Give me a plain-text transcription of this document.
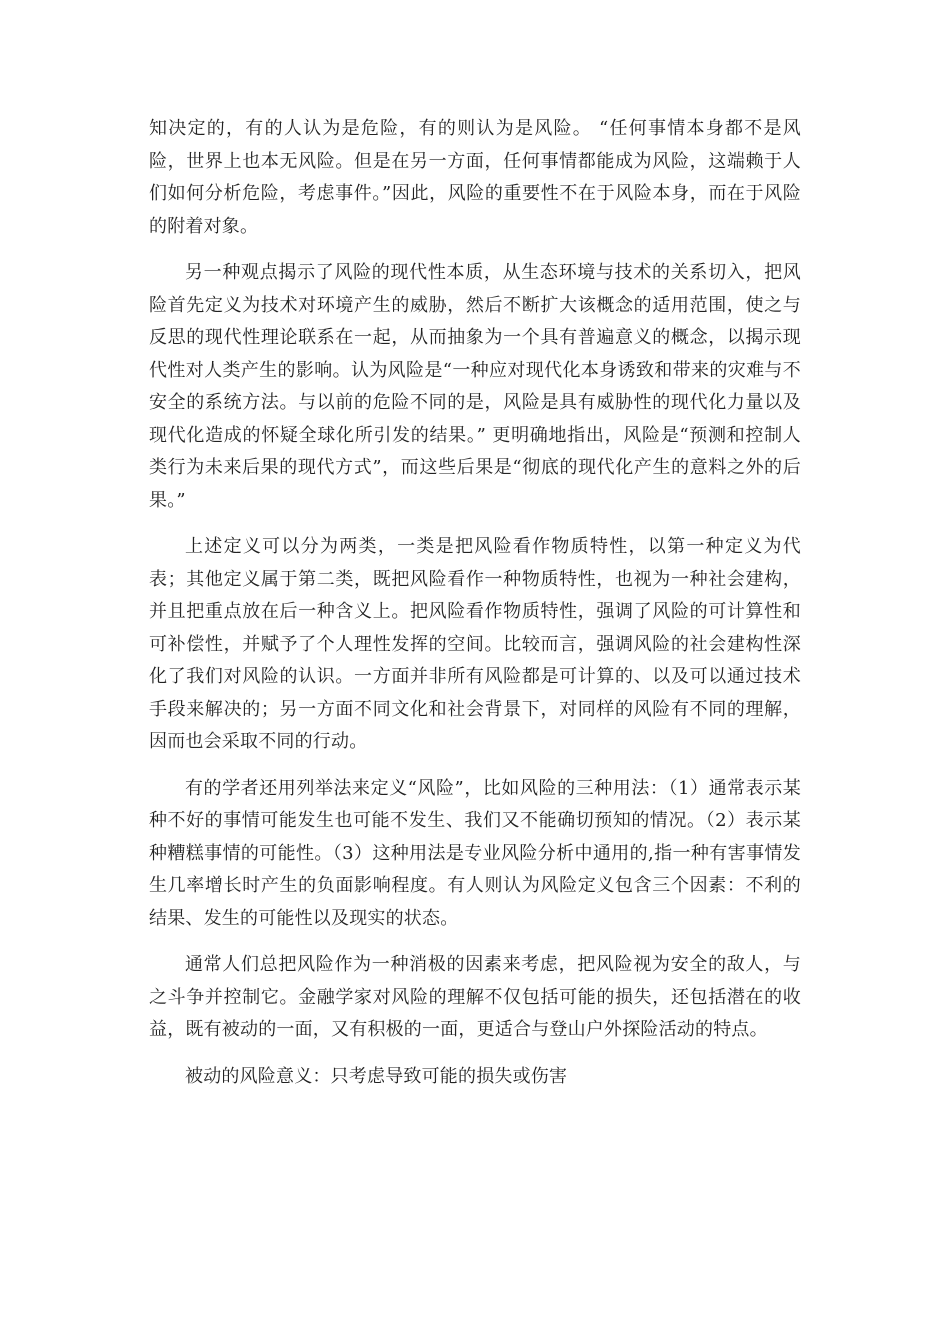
知决定的，有的人认为是危险，有的则认为是风险。 “任何事情本身都不是风险，世界上也本无风险。但是在另一方面，任何事情都能成为风险，这端赖于人们如何分析危险，考虑事件。”因此，风险的重要性不在于风险本身，而在于风险的附着对象。

另一种观点揭示了风险的现代性本质，从生态环境与技术的关系切入，把风险首先定义为技术对环境产生的威胁，然后不断扩大该概念的适用范围，使之与反思的现代性理论联系在一起，从而抽象为一个具有普遍意义的概念，以揭示现代性对人类产生的影响。认为风险是“一种应对现代化本身诱致和带来的灾难与不安全的系统方法。与以前的危险不同的是，风险是具有威胁性的现代化力量以及现代化造成的怀疑全球化所引发的结果。” 更明确地指出，风险是“预测和控制人类行为未来后果的现代方式”，而这些后果是“彻底的现代化产生的意料之外的后果。”

上述定义可以分为两类，一类是把风险看作物质特性，以第一种定义为代表；其他定义属于第二类，既把风险看作一种物质特性，也视为一种社会建构，并且把重点放在后一种含义上。把风险看作物质特性，强调了风险的可计算性和可补偿性，并赋予了个人理性发挥的空间。比较而言，强调风险的社会建构性深化了我们对风险的认识。一方面并非所有风险都是可计算的、以及可以通过技术手段来解决的；另一方面不同文化和社会背景下，对同样的风险有不同的理解，因而也会采取不同的行动。

有的学者还用列举法来定义“风险”，比如风险的三种用法：（1）通常表示某种不好的事情可能发生也可能不发生、我们又不能确切预知的情况。（2）表示某种糟糕事情的可能性。（3）这种用法是专业风险分析中通用的,指一种有害事情发生几率增长时产生的负面影响程度。有人则认为风险定义包含三个因素：不利的结果、发生的可能性以及现实的状态。

通常人们总把风险作为一种消极的因素来考虑，把风险视为安全的敌人，与之斗争并控制它。金融学家对风险的理解不仅包括可能的损失，还包括潜在的收益，既有被动的一面，又有积极的一面，更适合与登山户外探险活动的特点。

被动的风险意义：只考虑导致可能的损失或伤害
